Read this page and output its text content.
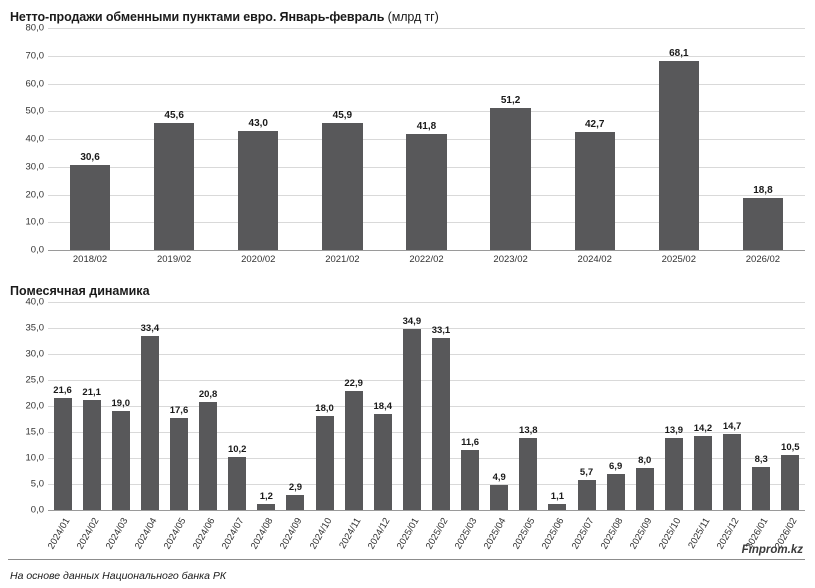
Нетто-продажи обменными пунктами евро. Январь-февраль (млрд тг)
0,0
10,0
20,0
30,0
40,0
50,0
60,0
70,0
80,0
30,6
45,6
43,0
45,9
41,8
51,2
42,7
68,1
18,8
2018/02	2019/02	2020/02	2021/02	2022/02	2023/02	2024/02	2025/02	2026/02
Помесячная динамика
0,0
5,0
10,0
15,0
20,0
25,0
30,0
35,0
40,0
21,6 21,1
19,0
33,4
17,6
20,8
10,2
1,2
2,9
18,0
22,9
18,4
34,9
33,1
11,6
4,9
13,8
1,1
5,7
6,9
8,0
13,9 14,2 14,7
8,3
10,5
2024/01 2024/02 2024/03 2024/04 2024/05 2024/06 2024/07 2024/08 2024/09 2024/10 2024/11 2024/12 2025/01 2025/02 2025/03 2025/04 2025/05 2025/06 2025/07 2025/08 2025/09 2025/10 2025/11 2025/12 2026/01 2026/02
Finprom.kz
На основе данных Национального банка РК
